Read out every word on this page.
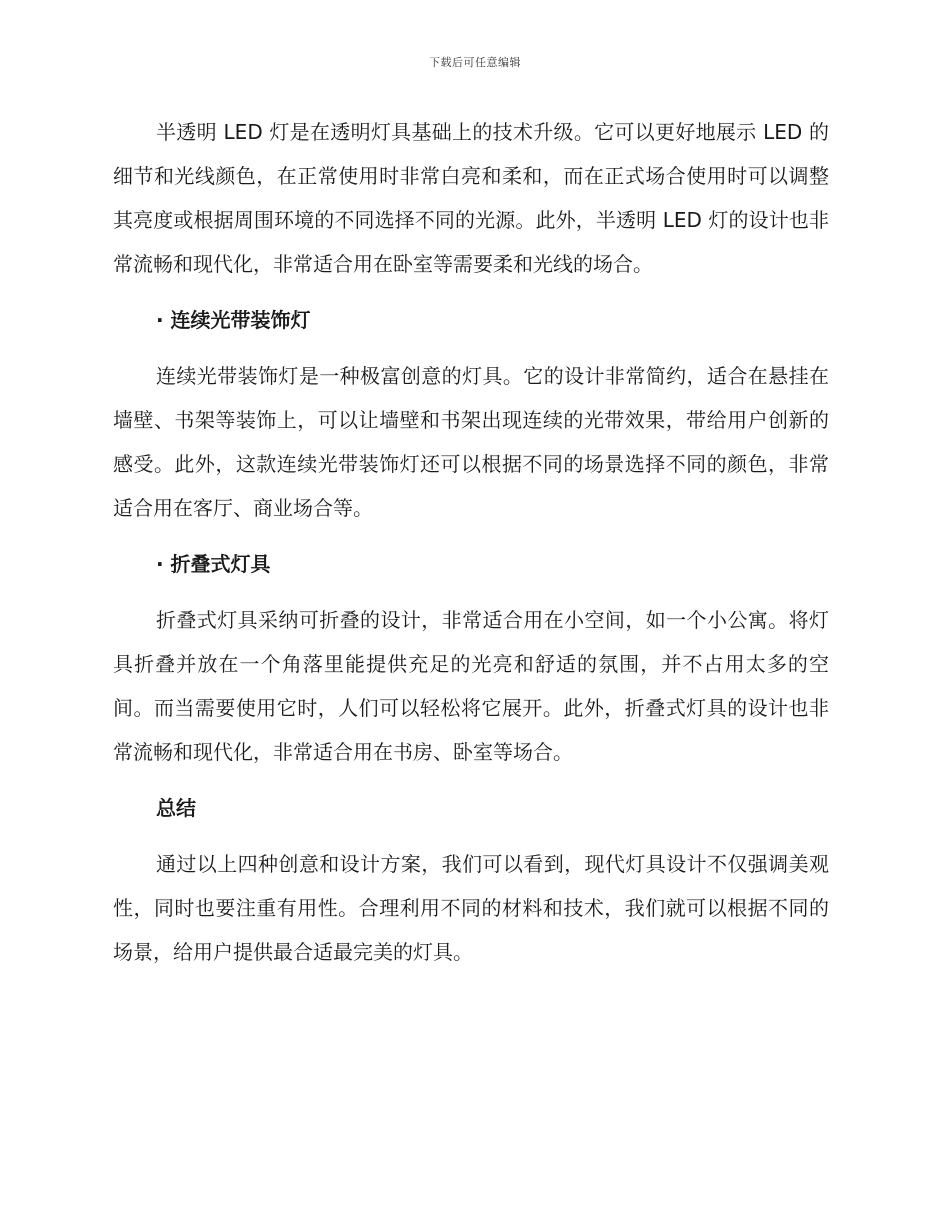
下载后可任意编辑

半透明 LED 灯是在透明灯具基础上的技术升级。它可以更好地展示 LED 的细节和光线颜色，在正常使用时非常白亮和柔和，而在正式场合使用时可以调整其亮度或根据周围环境的不同选择不同的光源。此外，半透明 LED 灯的设计也非常流畅和现代化，非常适合用在卧室等需要柔和光线的场合。

· 连续光带装饰灯

连续光带装饰灯是一种极富创意的灯具。它的设计非常简约，适合在悬挂在墙壁、书架等装饰上，可以让墙壁和书架出现连续的光带效果，带给用户创新的感受。此外，这款连续光带装饰灯还可以根据不同的场景选择不同的颜色，非常适合用在客厅、商业场合等。

· 折叠式灯具

折叠式灯具采纳可折叠的设计，非常适合用在小空间，如一个小公寓。将灯具折叠并放在一个角落里能提供充足的光亮和舒适的氛围，并不占用太多的空间。而当需要使用它时，人们可以轻松将它展开。此外，折叠式灯具的设计也非常流畅和现代化，非常适合用在书房、卧室等场合。

总结

通过以上四种创意和设计方案，我们可以看到，现代灯具设计不仅强调美观性，同时也要注重有用性。合理利用不同的材料和技术，我们就可以根据不同的场景，给用户提供最合适最完美的灯具。
